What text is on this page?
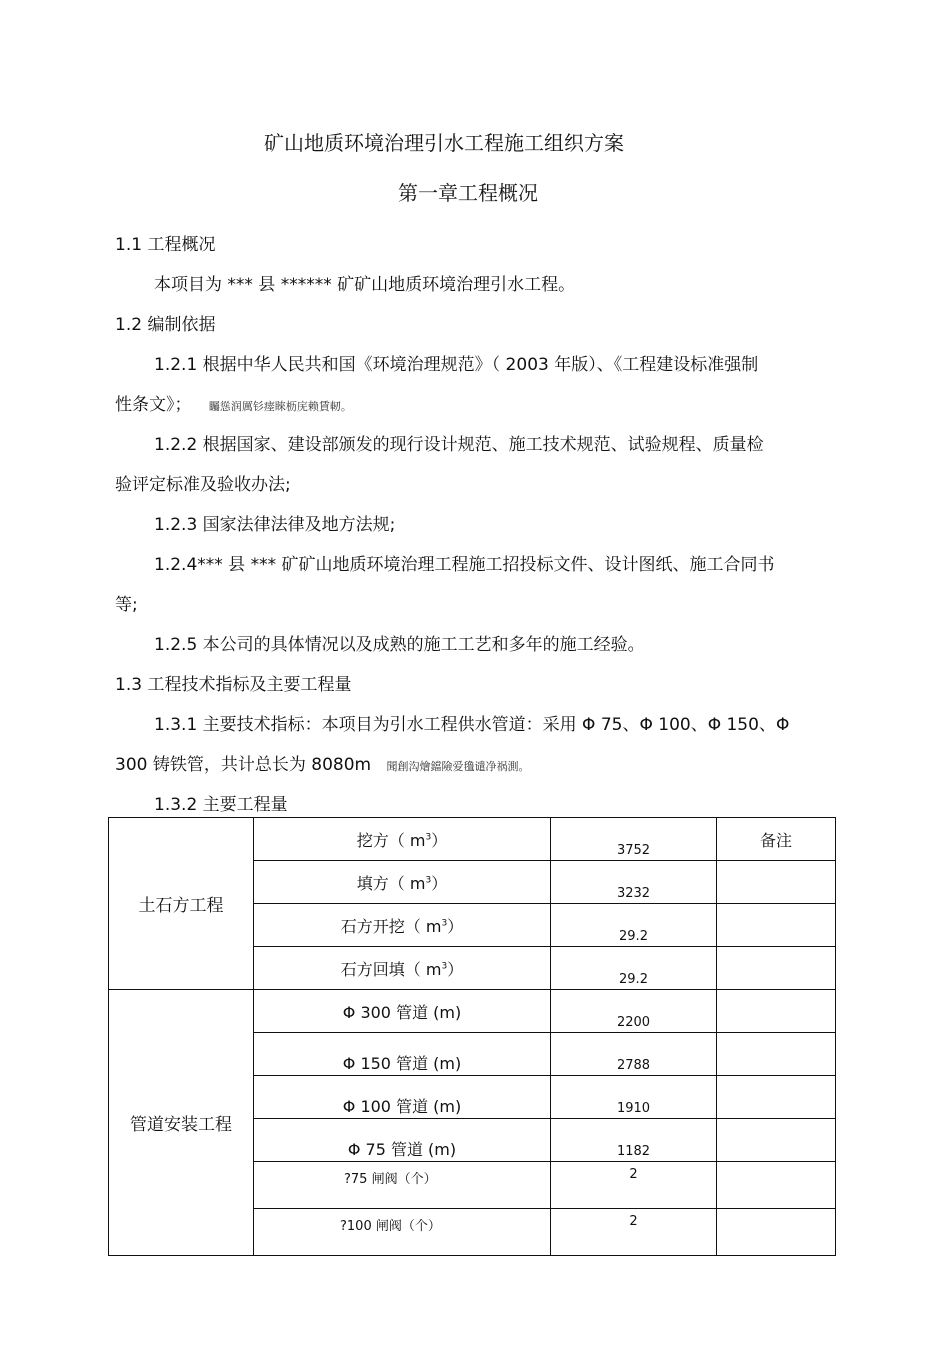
矿山地质环境治理引水工程施工组织方案
第一章工程概况
1.1 工程概况
本项目为 *** 县 ****** 矿矿山地质环境治理引水工程。
1.2 编制依据
1.2.1 根据中华人民共和国《环境治理规范》（ 2003 年版）、《工程建设标准强制
性条文》； 矚慫润厲钐瘗睞枥庑赖賃軔。
1.2.2 根据国家、建设部颁发的现行设计规范、施工技术规范、试验规程、质量检
验评定标准及验收办法;
1.2.3 国家法律法律及地方法规;
1.2.4*** 县 *** 矿矿山地质环境治理工程施工招投标文件、设计图纸、施工合同书
等;
1.2.5 本公司的具体情况以及成熟的施工工艺和多年的施工经验。
1.3 工程技术指标及主要工程量
1.3.1 主要技术指标：本项目为引水工程供水管道：采用 Φ 75、Φ 100、Φ 150、Φ
300 铸铁管，共计总长为 8080m 聞創沟燴鐺險爱氇谴净祸測。
1.3.2 主要工程量
土石方工程	挖方（ $m^3$）	3752	备注
	填方（ $m^3$）	3232	
	石方开挖（ $m^3$）	29.2	
	石方回填（ $m^3$）	29.2	
管道安装工程	Φ 300 管道 (m)	2200	
	Φ 150 管道 (m)	2788	
	Φ 100 管道 (m)	1910	
	Φ 75 管道 (m)	1182	
	?75 闸阀（个）	2	
	?100 闸阀（个）	2	
